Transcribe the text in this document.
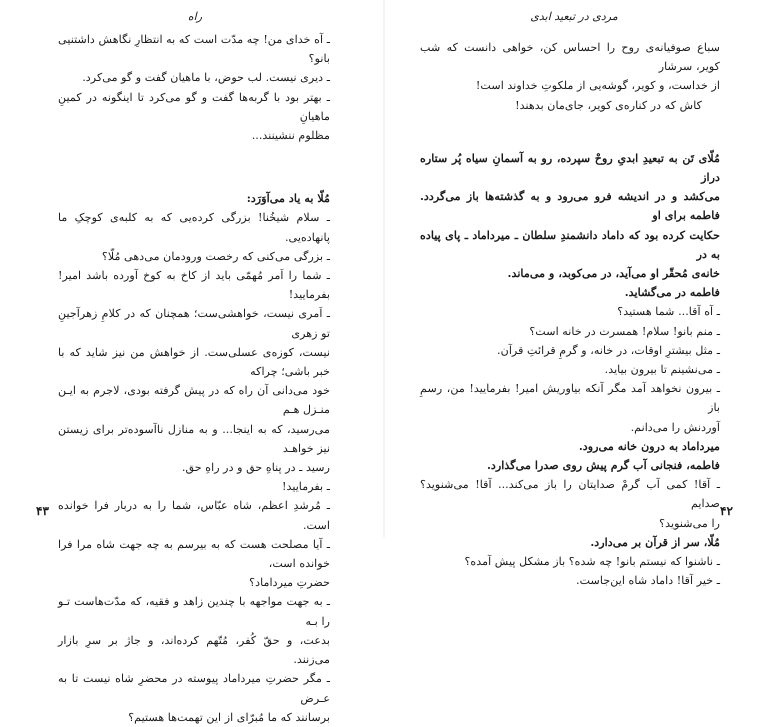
راه

ـ آه خدای من! چه مدّت است که به انتظارِ نگاهش داشتنیی بانو؟

ـ دیری نیست. لب حوض، با ماهیان گفت و گو می‌کرد.

ـ بهتر بود با گربه‌ها گفت و گو می‌کرد تا اینگونه در کمینِ ماهیانِ

مظلوم ننشینند...

مُلّا به یاد می‌آوَرَد:

ـ سلام شیخُنا! بزرگی کرده‌یی که به کلبه‌ی کوچکِ ما پانهاده‌یی.

ـ بزرگی می‌کنی که رخصت ورودمان می‌دهی مُلّا؟

ـ شما را اَمر مُهمّی باید از کاخ به کوخ آورده باشد امیر! بفرمایید!

ـ اَمری نیست، خواهشی‌ست؛ همچنان که در کلامِ زهرآجینِ تو زهری

نیست، کوزه‌ی عسلی‌ست. از خواهش من نیز شاید که با خبر باشی؛ چراکه

خود می‌دانی آن راه که در پیش گرفته بودی، لاجرم به ایـن منـزل هـم

می‌رسید، که به اینجا... و به منازل ناآسوده‌تر برای زیستن نیز خواهـد

رسید ـ در پناهِ حق و در راهِ حق.

ـ بفرمایید!

ـ مُرشدِ اعظم، شاه عبّاس، شما را به دربار فرا خوانده است.

ـ آیا مصلحت هست که به بیرسم به چه جهت شاه مرا فرا خوانده است،

حضرتِ میرداماد؟

ـ به جهت مواجهه با چندین زاهد و فقیه، که مدّت‌هاست تـو را بـه

بدعت، و حقّ کُفر، مُتّهم کرده‌اند، و جاژ بر سرِ بازار می‌زنند.

ـ مگر حضرتِ میرداماد پیوسته در محضرِ شاه نیست تا به عـرض

برسانند که ما مُبرّای از این تهمت‌ها هستیم؟

۴۳
مردی در تبعید ابدی

سباع صوفیانه‌ی روح را احساس کن، خواهی دانست که شب کویر، سرشار

از خداست، و کویر، گوشه‌یی از ملکوتِ خداوند است!

کاش که در کناره‌ی کویر، جای‌مان بدهند!

مُلّای تَن به تبعیدِ ابدیِ روحْ سپرده، رو به آسمانِ سیاه پُر ستاره دراز

می‌کشد و در اندیشه فرو می‌رود و به گذشته‌ها باز می‌گردد. فاطمه برای او

حکایت کرده بود که داماد دانشمندِ سلطان ـ میرداماد ـ پای پیاده به در

خانه‌ی مُحقّر او می‌آید، در می‌کوبد، و می‌ماند.

فاطمه در می‌گشاید.

ـ آه آقا... شما هستید؟

ـ منم بانو! سلام! همسرت در خانه است؟

ـ مثل بیشترِ اوقات، در خانه، و گرمِ قرائتِ قرآن.

ـ می‌نشینم تا بیرون بیاید.

ـ بیرون نخواهد آمد مگر آنکه بیاوریش امیر! بفرمایید! من، رسمِ باز

آوردنش را می‌دانم.

میرداماد به درون خانه می‌رود.

فاطمه، فنجانی آب گرم پیش روی صدرا می‌گذارد.

ـ آقا! کمی آب گرمْ صدایتان را باز می‌کند... آقا! می‌شنوید؟ صدایم

را می‌شنوید؟

مُلّا، سر از قرآن بر می‌دارد.

ـ ناشنوا که نیستم بانو! چه شده؟ باز مشکل پیش آمده؟

ـ خیر آقا! داماد شاه این‌جاست.

۴۲
